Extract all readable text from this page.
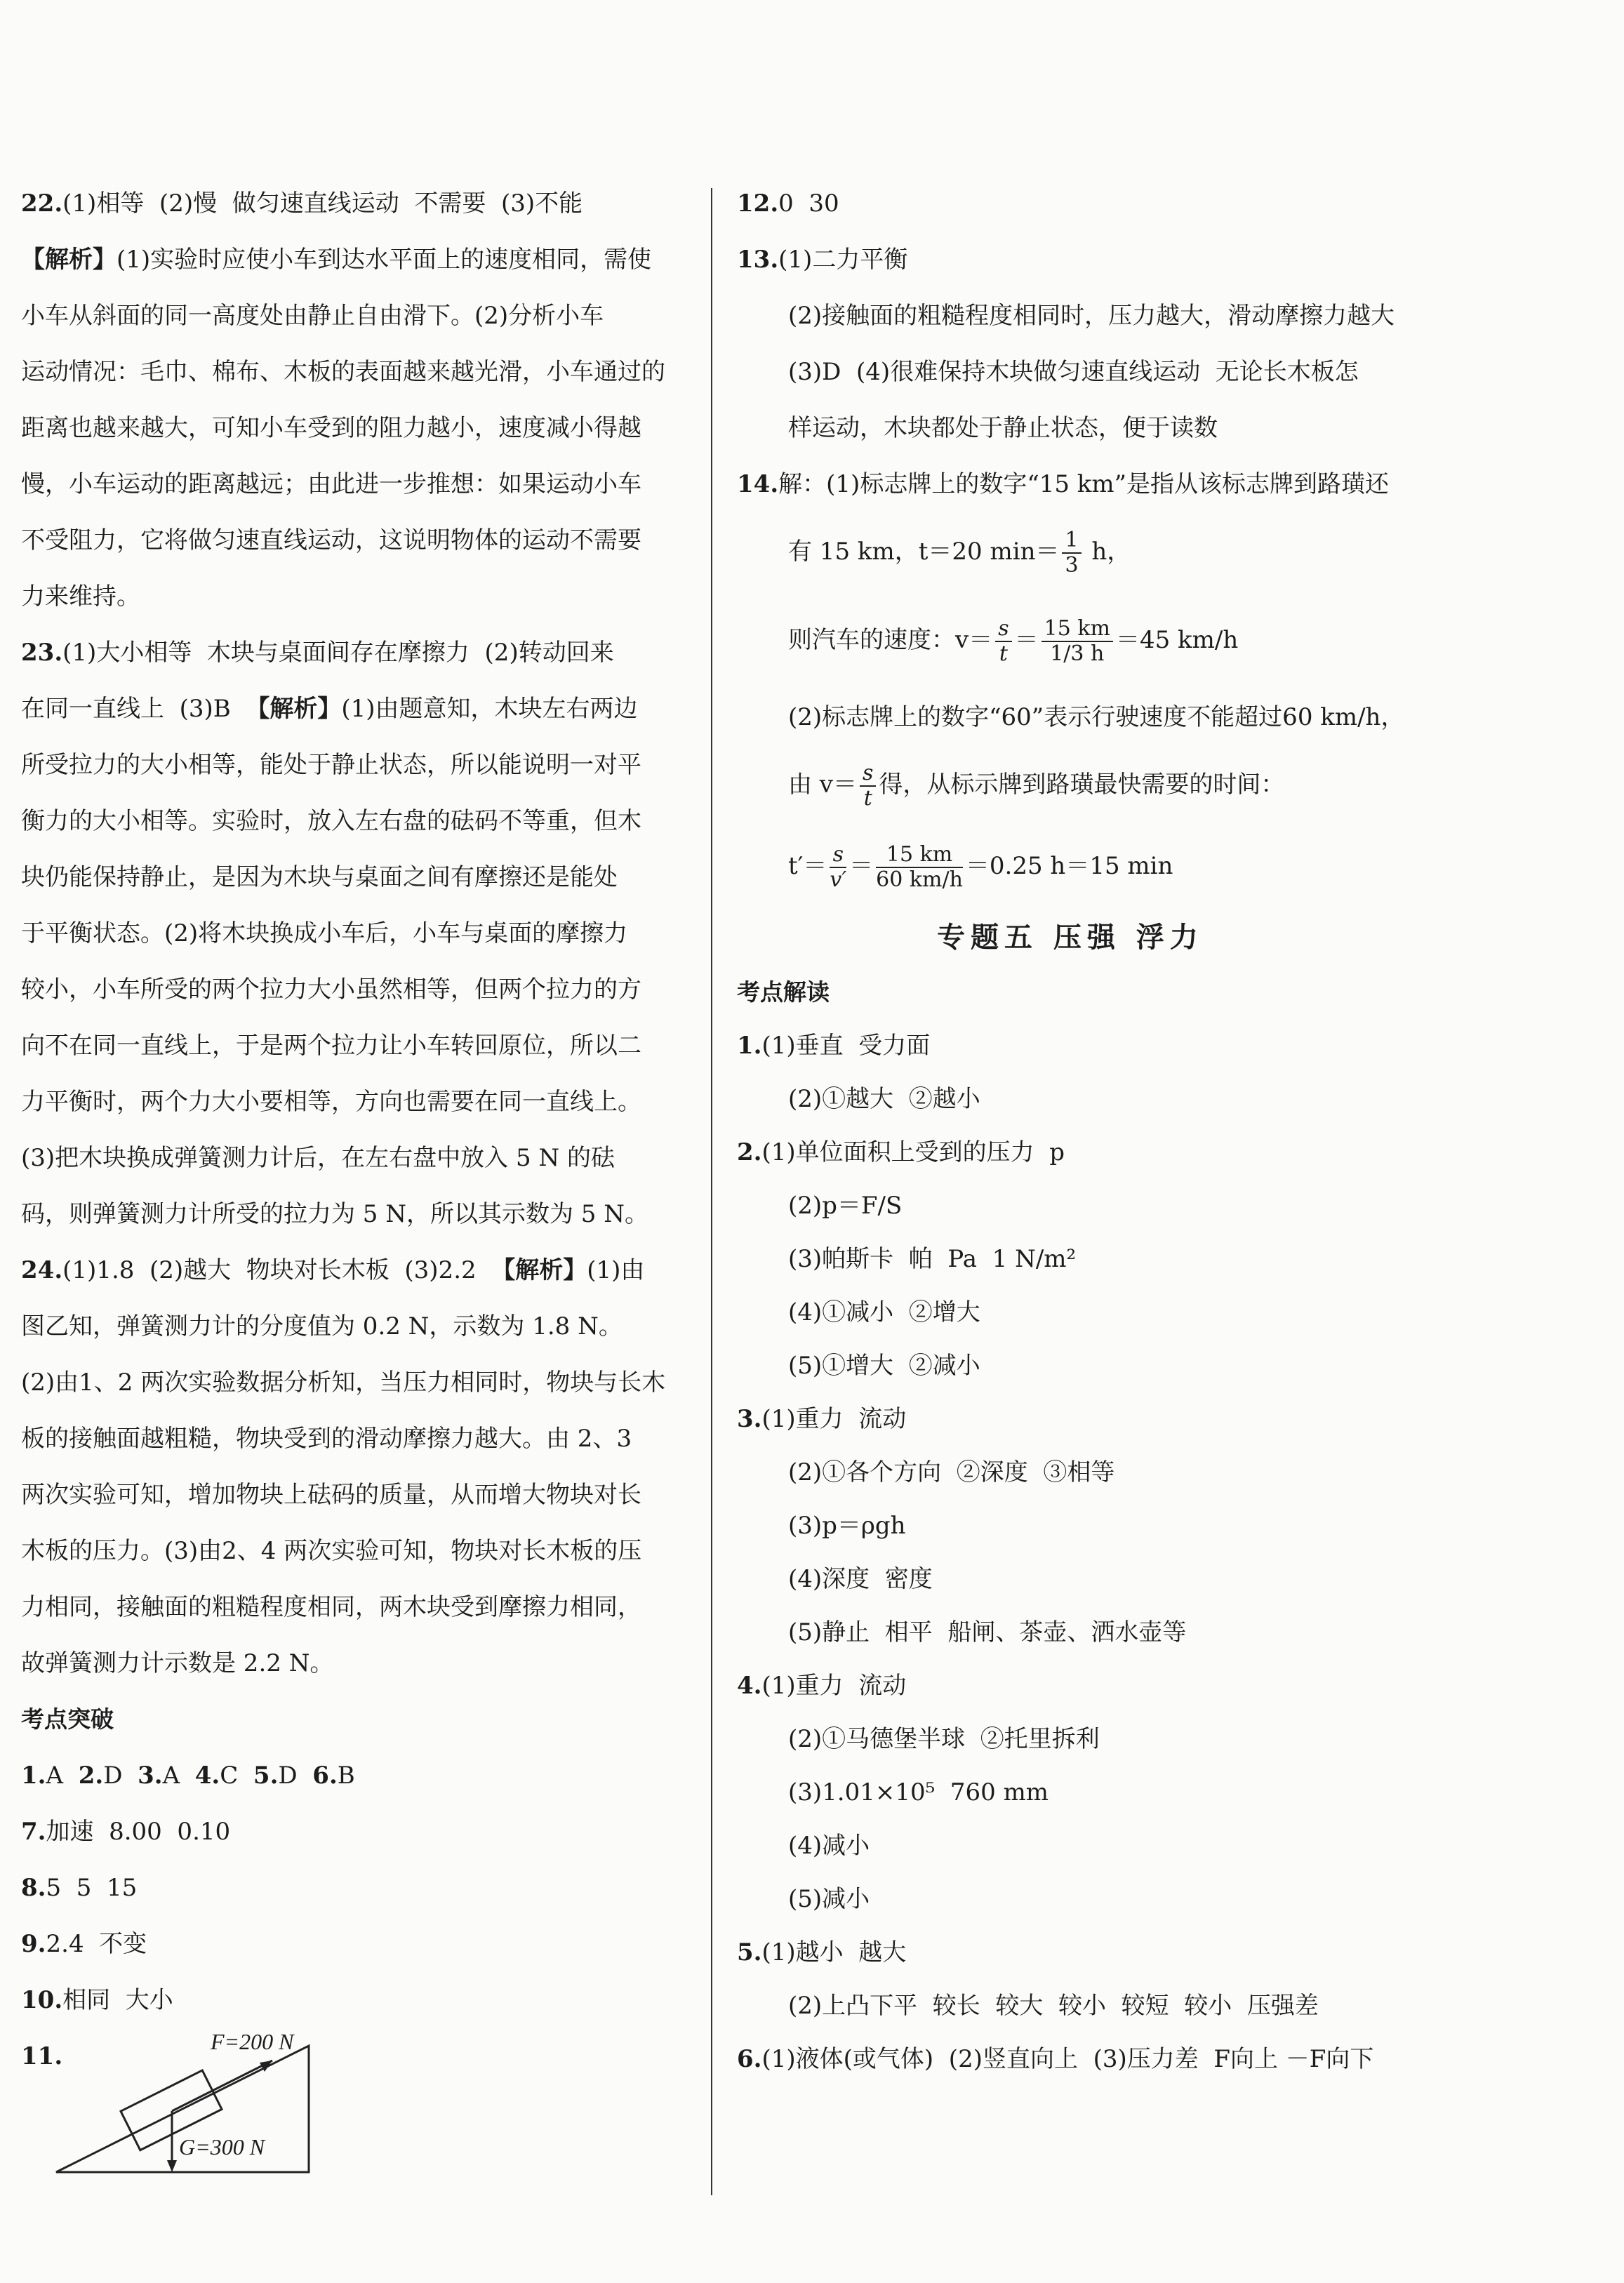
22.(1)相等  (2)慢  做匀速直线运动  不需要  (3)不能
【解析】(1)实验时应使小车到达水平面上的速度相同，需使
小车从斜面的同一高度处由静止自由滑下。(2)分析小车
运动情况：毛巾、棉布、木板的表面越来越光滑，小车通过的
距离也越来越大，可知小车受到的阻力越小，速度减小得越
慢，小车运动的距离越远；由此进一步推想：如果运动小车
不受阻力，它将做匀速直线运动，这说明物体的运动不需要
力来维持。
23.(1)大小相等  木块与桌面间存在摩擦力  (2)转动回来
在同一直线上  (3)B  【解析】(1)由题意知，木块左右两边
所受拉力的大小相等，能处于静止状态，所以能说明一对平
衡力的大小相等。实验时，放入左右盘的砝码不等重，但木
块仍能保持静止，是因为木块与桌面之间有摩擦还是能处
于平衡状态。(2)将木块换成小车后，小车与桌面的摩擦力
较小，小车所受的两个拉力大小虽然相等，但两个拉力的方
向不在同一直线上，于是两个拉力让小车转回原位，所以二
力平衡时，两个力大小要相等，方向也需要在同一直线上。
(3)把木块换成弹簧测力计后，在左右盘中放入 5 N 的砝
码，则弹簧测力计所受的拉力为 5 N，所以其示数为 5 N。
24.(1)1.8  (2)越大  物块对长木板  (3)2.2  【解析】(1)由
图乙知，弹簧测力计的分度值为 0.2 N，示数为 1.8 N。
(2)由1、2 两次实验数据分析知，当压力相同时，物块与长木
板的接触面越粗糙，物块受到的滑动摩擦力越大。由 2、3
两次实验可知，增加物块上砝码的质量，从而增大物块对长
木板的压力。(3)由2、4 两次实验可知，物块对长木板的压
力相同，接触面的粗糙程度相同，两木块受到摩擦力相同，
故弹簧测力计示数是 2.2 N。
考点突破
1.A 2.D 3.A 4.C 5.D 6.B
7.加速  8.00  0.10
8.5  5  15
9.2.4  不变
10.相同  大小
11.
F=200 N
G=300 N
12.0  30
13.(1)二力平衡
(2)接触面的粗糙程度相同时，压力越大，滑动摩擦力越大
(3)D  (4)很难保持木块做匀速直线运动  无论长木板怎
样运动，木块都处于静止状态，便于读数
14.解：(1)标志牌上的数字“15 km”是指从该标志牌到路璜还
有 15 km，t＝20 $\min= \frac{1}{3}$ h，
则汽车的速度：$v= \frac{s}{t} = \frac{15 km}{1/3 h} =45$ km/h
(2)标志牌上的数字“60”表示行驶速度不能超过60 km/h，
由 $v= \frac{s}{t}$ 得，从标示牌到路璜最快需要的时间：
$t'= \frac{s}{v'} = \frac{15 km}{60 km/h} =0.25$ h＝15 min
专题五 压强 浮力
考点解读
1.(1)垂直  受力面
(2)①越大  ②越小
2.(1)单位面积上受到的压力  p
(2)p＝F/S
(3)帕斯卡  帕  Pa  1 N/m²
(4)①减小  ②增大
(5)①增大  ②减小
3.(1)重力  流动
(2)①各个方向  ②深度  ③相等
(3)p＝ρgh
(4)深度  密度
(5)静止  相平  船闸、茶壶、洒水壶等
4.(1)重力  流动
(2)①马德堡半球  ②托里拆利
(3)1.01×10⁵  760 mm
(4)减小
(5)减小
5.(1)越小  越大
(2)上凸下平  较长  较大  较小  较短  较小  压强差
6.(1)液体(或气体)  (2)竖直向上  (3)压力差  F向上 －F向下
